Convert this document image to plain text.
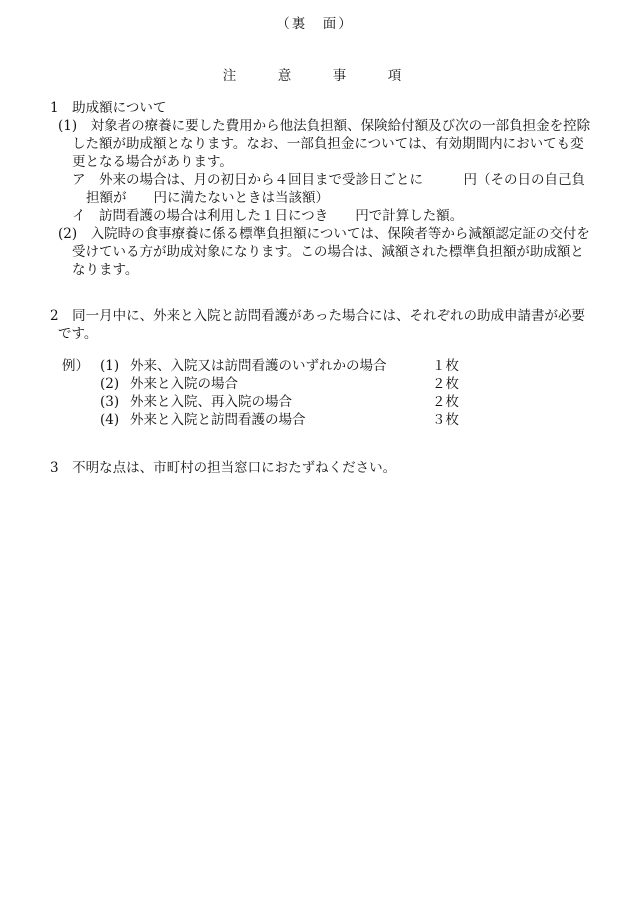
（裏　面）
注　意　事　項
1　助成額について
(1)　対象者の療養に要した費用から他法負担額、保険給付額及び次の一部負担金を控除
した額が助成額となります。なお、一部負担金については、有効期間内においても変
更となる場合があります。
ア　外来の場合は、月の初日から４回目まで受診日ごとに　　　円（その日の自己負
担額が　　円に満たないときは当該額）
イ　訪問看護の場合は利用した１日につき　　円で計算した額。
(2)　入院時の食事療養に係る標準負担額については、保険者等から減額認定証の交付を
受けている方が助成対象になります。この場合は、減額された標準負担額が助成額と
なります。
2　同一月中に、外来と入院と訪問看護があった場合には、それぞれの助成申請書が必要
です。
例） (1) 外来、入院又は訪問看護のいずれかの場合	１枚
(2) 外来と入院の場合	２枚
(3) 外来と入院、再入院の場合	２枚
(4) 外来と入院と訪問看護の場合	３枚
3　不明な点は、市町村の担当窓口におたずねください。
